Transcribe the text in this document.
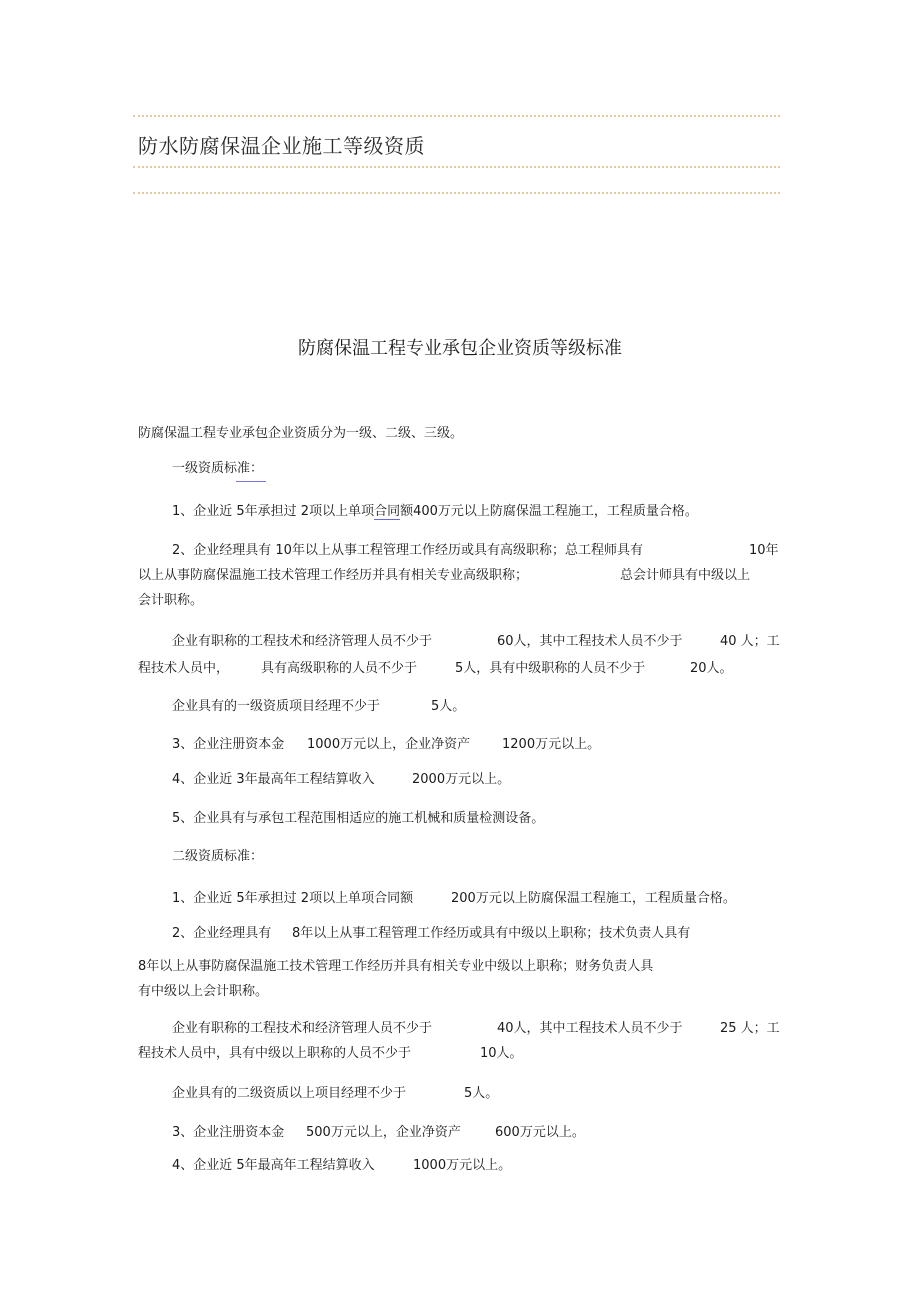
防水防腐保温企业施工等级资质
防腐保温工程专业承包企业资质等级标准
防腐保温工程专业承包企业资质分为一级、二级、三级。
一级资质标准：
1、企业近 5年承担过 2项以上单项合同额400万元以上防腐保温工程施工，工程质量合格。
2、企业经理具有 10年以上从事工程管理工作经历或具有高级职称；总工程师具有	10年
以上从事防腐保温施工技术管理工作经历并具有相关专业高级职称；	总会计师具有中级以上
会计职称。
企业有职称的工程技术和经济管理人员不少于	60人，其中工程技术人员不少于	40 人；工
程技术人员中， 具有高级职称的人员不少于	5人，具有中级职称的人员不少于	20人。
企业具有的一级资质项目经理不少于	5人。
3、企业注册资本金 1000万元以上，企业净资产 1200万元以上。
4、企业近 3年最高年工程结算收入	2000万元以上。
5、企业具有与承包工程范围相适应的施工机械和质量检测设备。
二级资质标准：
1、企业近 5年承担过 2项以上单项合同额	200万元以上防腐保温工程施工，工程质量合格。
2、企业经理具有 8年以上从事工程管理工作经历或具有中级以上职称；技术负责人具有
8年以上从事防腐保温施工技术管理工作经历并具有相关专业中级以上职称；财务负责人具
有中级以上会计职称。
企业有职称的工程技术和经济管理人员不少于	40人，其中工程技术人员不少于	25 人；工
程技术人员中，具有中级以上职称的人员不少于	10人。
企业具有的二级资质以上项目经理不少于	5人。
3、企业注册资本金 500万元以上，企业净资产	600万元以上。
4、企业近 5年最高年工程结算收入	1000万元以上。
